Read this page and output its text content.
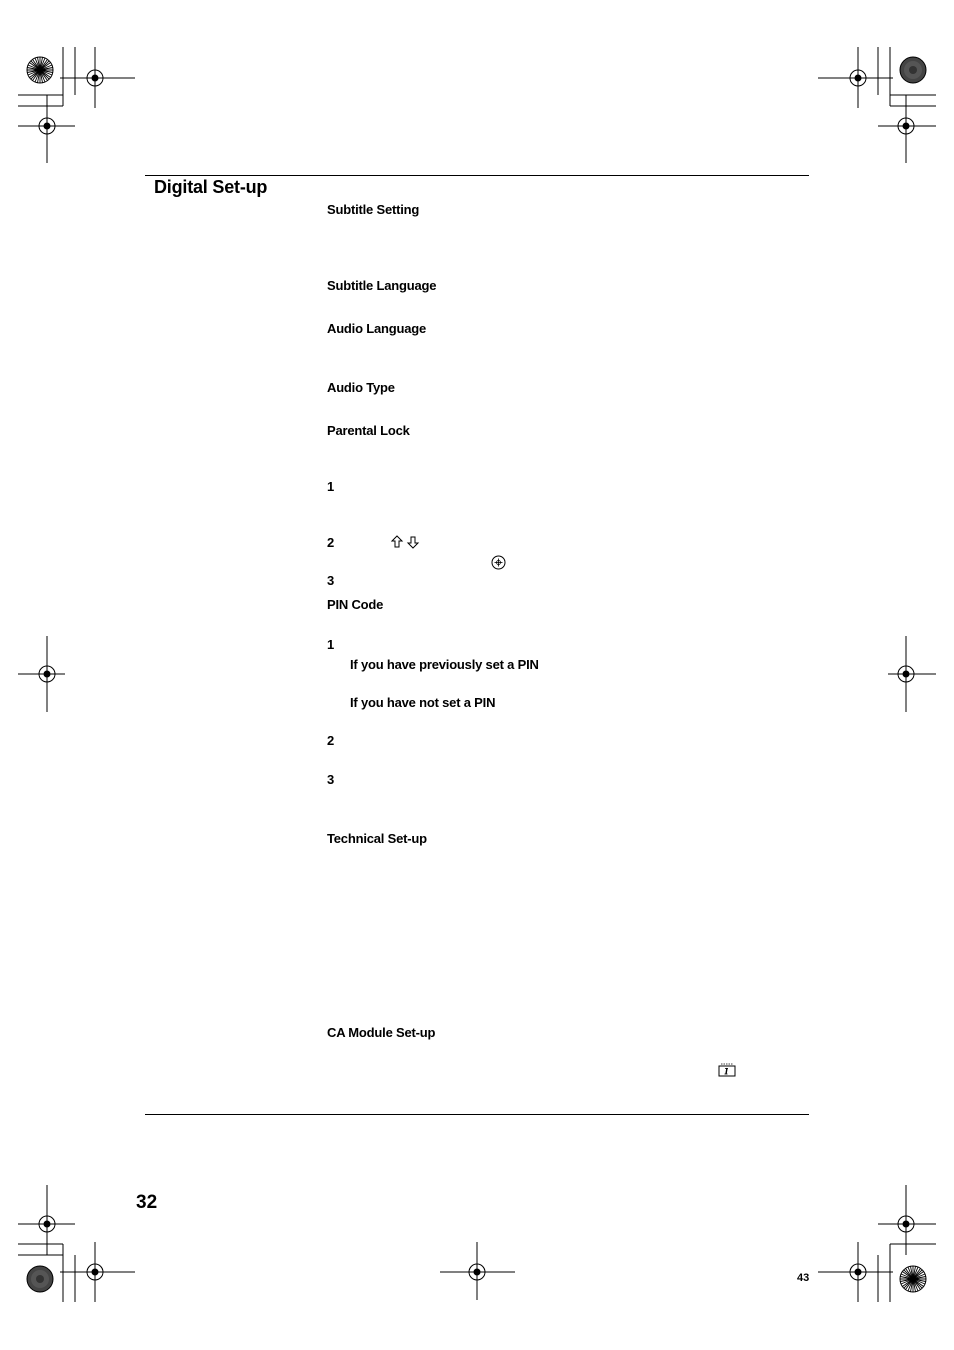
Digital Set-up
Subtitle Setting
Subtitle Language
Audio Language
Audio Type
Parental Lock
1
2
3
PIN Code
1
If you have previously set a PIN
If you have not set a PIN
2
3
Technical Set-up
CA Module Set-up
32
43
